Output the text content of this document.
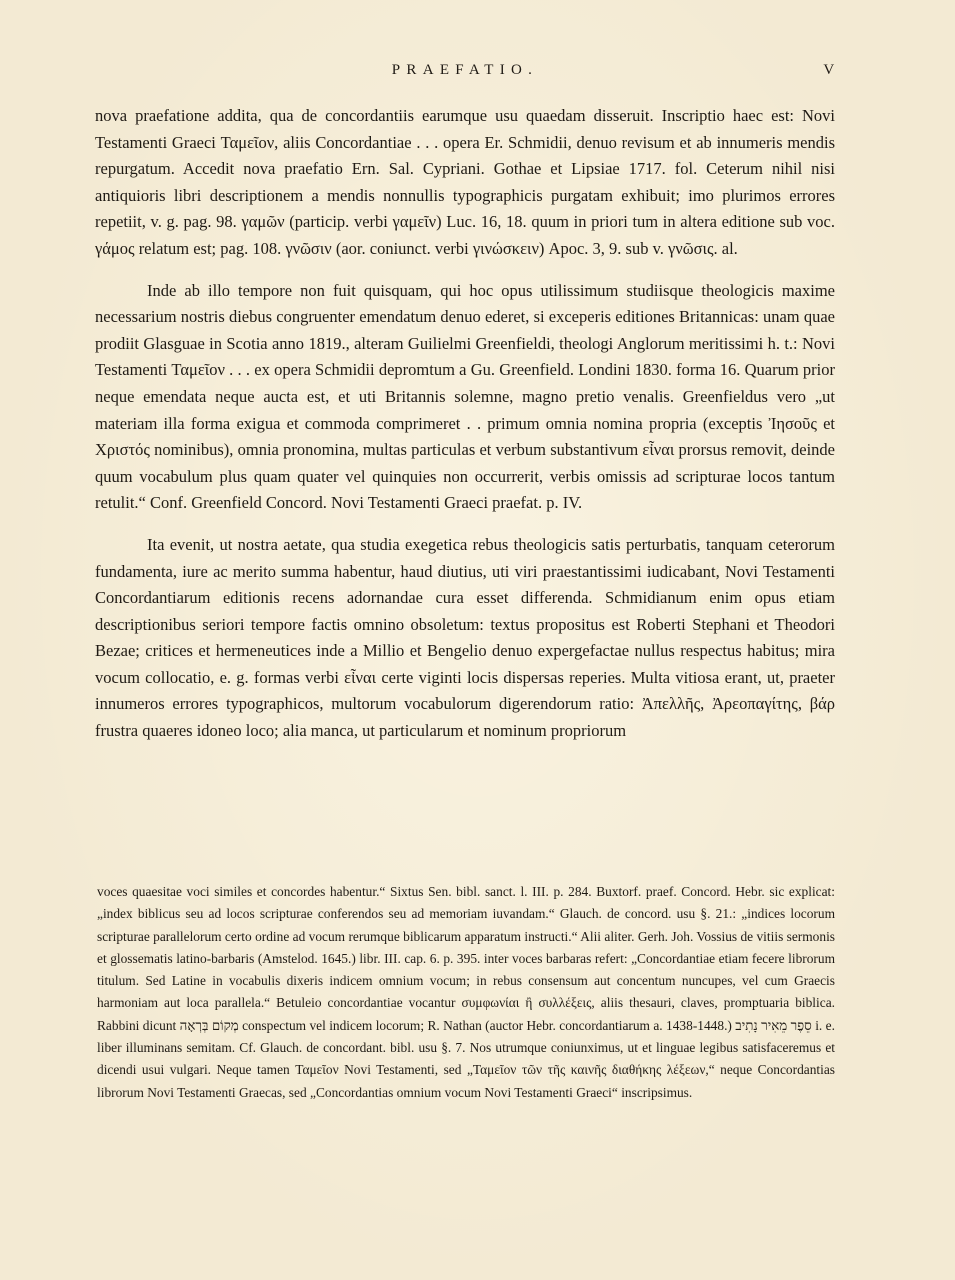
PRAEFATIO.	V

nova praefatione addita, qua de concordantiis earumque usu quaedam disseruit. Inscriptio haec est: Novi Testamenti Graeci Ταμεῖον, aliis Concordantiae . . . opera Er. Schmidii, denuo revisum et ab innumeris mendis repurgatum. Accedit nova praefatio Ern. Sal. Cypriani. Gothae et Lipsiae 1717. fol. Ceterum nihil nisi antiquioris libri descriptionem a mendis nonnullis typographicis purgatam exhibuit; imo plurimos errores repetiit, v. g. pag. 98. γαμῶν (particip. verbi γαμεῖν) Luc. 16, 18. quum in priori tum in altera editione sub voc. γάμος relatum est; pag. 108. γνῶσιν (aor. coniunct. verbi γινώσκειν) Apoc. 3, 9. sub v. γνῶσις. al.

Inde ab illo tempore non fuit quisquam, qui hoc opus utilissimum studiisque theologicis maxime necessarium nostris diebus congruenter emendatum denuo ederet, si exceperis editiones Britannicas: unam quae prodiit Glasguae in Scotia anno 1819., alteram Guilielmi Greenfieldi, theologi Anglorum meritissimi h. t.: Novi Testamenti Ταμεῖον . . . ex opera Schmidii depromtum a Gu. Greenfield. Londini 1830. forma 16. Quarum prior neque emendata neque aucta est, et uti Britannis solemne, magno pretio venalis. Greenfieldus vero „ut materiam illa forma exigua et commoda comprimeret . . primum omnia nomina propria (exceptis Ἰησοῦς et Χριστός nominibus), omnia pronomina, multas particulas et verbum substantivum εἶναι prorsus removit, deinde quum vocabulum plus quam quater vel quinquies non occurrerit, verbis omissis ad scripturae locos tantum retulit.“ Conf. Greenfield Concord. Novi Testamenti Graeci praefat. p. IV.

Ita evenit, ut nostra aetate, qua studia exegetica rebus theologicis satis perturbatis, tanquam ceterorum fundamenta, iure ac merito summa habentur, haud diutius, uti viri praestantissimi iudicabant, Novi Testamenti Concordantiarum editionis recens adornandae cura esset differenda. Schmidianum enim opus etiam descriptionibus seriori tempore factis omnino obsoletum: textus propositus est Roberti Stephani et Theodori Bezae; critices et hermeneutices inde a Millio et Bengelio denuo expergefactae nullus respectus habitus; mira vocum collocatio, e. g. formas verbi εἶναι certe viginti locis dispersas reperies. Multa vitiosa erant, ut, praeter innumeros errores typographicos, multorum vocabulorum digerendorum ratio: Ἀπελλῆς, Ἀρεοπαγίτης, βάρ frustra quaeres idoneo loco; alia manca, ut particularum et nominum propriorum

voces quaesitae voci similes et concordes habentur.“ Sixtus Sen. bibl. sanct. l. III. p. 284. Buxtorf. praef. Concord. Hebr. sic explicat: „index biblicus seu ad locos scripturae conferendos seu ad memoriam iuvandam.“ Glauch. de concord. usu §. 21.: „indices locorum scripturae parallelorum certo ordine ad vocum rerumque biblicarum apparatum instructi.“ Alii aliter. Gerh. Joh. Vossius de vitiis sermonis et glossematis latino-barbaris (Amstelod. 1645.) libr. III. cap. 6. p. 395. inter voces barbaras refert: „Concordantiae etiam fecere librorum titulum. Sed Latine in vocabulis dixeris indicem omnium vocum; in rebus consensum aut concentum nuncupes, vel cum Graecis harmoniam aut loca parallela.“ Betuleio concordantiae vocantur συμφωνίαι ἢ συλλέξεις, aliis thesauri, claves, promptuaria biblica. Rabbini dicunt מְקוֹם בְּרְאָה conspectum vel indicem locorum; R. Nathan (auctor Hebr. concordantiarum a. 1438-1448.) סֵפֶר מֵאִיר נָתִיב i. e. liber illuminans semitam. Cf. Glauch. de concordant. bibl. usu §. 7. Nos utrumque coniunximus, ut et linguae legibus satisfaceremus et dicendi usui vulgari. Neque tamen Ταμεῖον Novi Testamenti, sed „Ταμεῖον τῶν τῆς καινῆς διαθήκης λέξεων,“ neque Concordantias librorum Novi Testamenti Graecas, sed „Concordantias omnium vocum Novi Testamenti Graeci“ inscripsimus.
